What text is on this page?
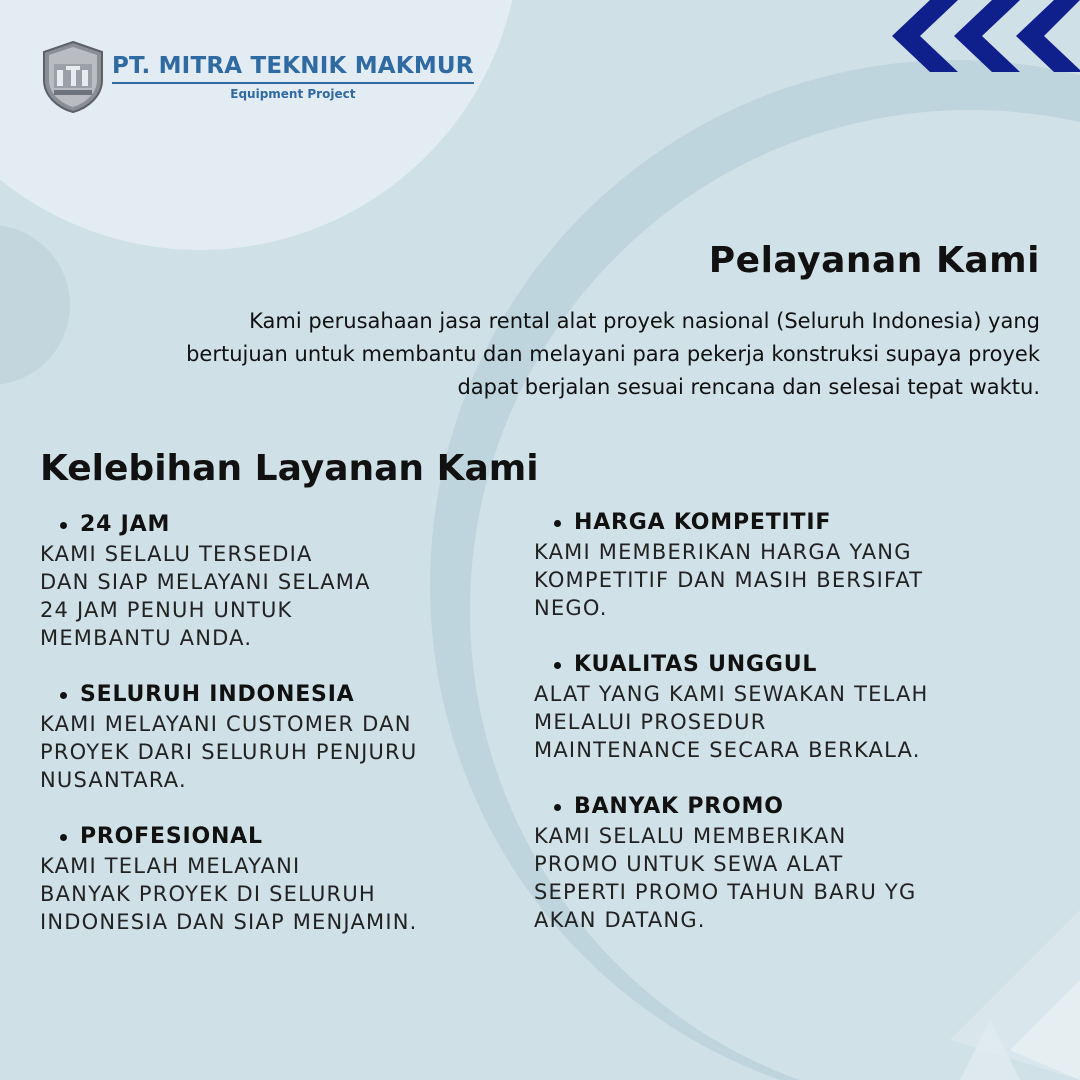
PT. MITRA TEKNIK MAKMUR
Equipment Project
Pelayanan Kami
Kami perusahaan jasa rental alat proyek nasional (Seluruh Indonesia) yang
bertujuan untuk membantu dan melayani para pekerja konstruksi supaya proyek
dapat berjalan sesuai rencana dan selesai tepat waktu.
Kelebihan Layanan Kami
24 JAM
KAMI SELALU TERSEDIA
DAN SIAP MELAYANI SELAMA
24 JAM PENUH UNTUK
MEMBANTU ANDA.
SELURUH INDONESIA
KAMI MELAYANI CUSTOMER DAN
PROYEK DARI SELURUH PENJURU
NUSANTARA.
PROFESIONAL
KAMI TELAH MELAYANI
BANYAK PROYEK DI SELURUH
INDONESIA DAN SIAP MENJAMIN.
HARGA KOMPETITIF
KAMI MEMBERIKAN HARGA YANG
KOMPETITIF DAN MASIH BERSIFAT
NEGO.
KUALITAS UNGGUL
ALAT YANG KAMI SEWAKAN TELAH
MELALUI PROSEDUR
MAINTENANCE SECARA BERKALA.
BANYAK PROMO
KAMI SELALU MEMBERIKAN
PROMO UNTUK SEWA ALAT
SEPERTI PROMO TAHUN BARU YG
AKAN DATANG.
